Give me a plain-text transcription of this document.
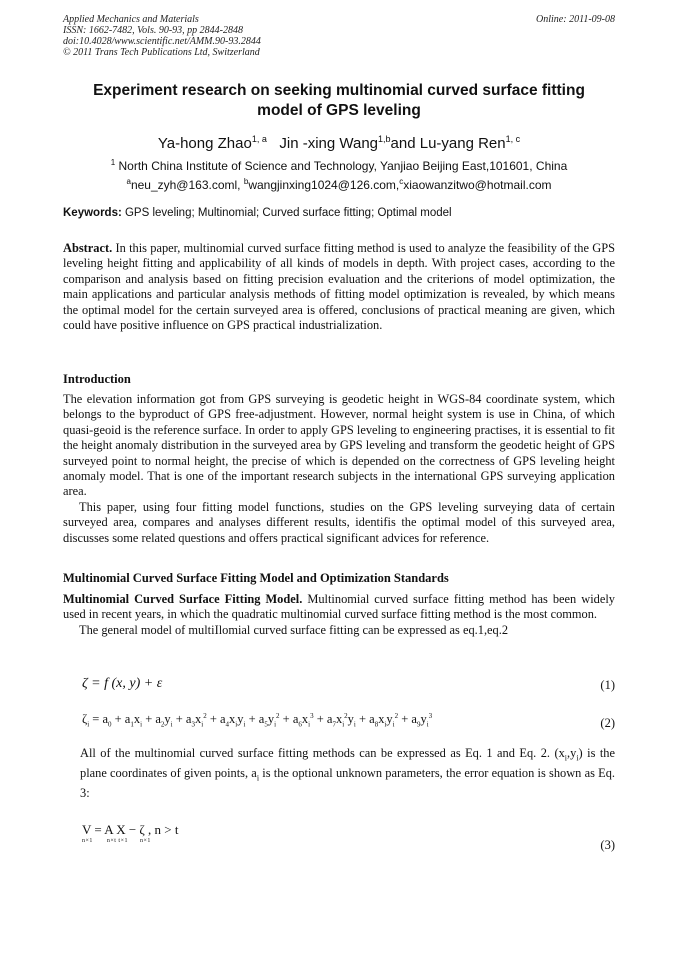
Applied Mechanics and Materials
ISSN: 1662-7482, Vols. 90-93, pp 2844-2848
doi:10.4028/www.scientific.net/AMM.90-93.2844
© 2011 Trans Tech Publications Ltd, Switzerland
Online: 2011-09-08
Experiment research on seeking multinomial curved surface fitting
model of GPS leveling
Ya-hong Zhao$^{1, a}$ Jin -xing Wang$^{1,b}$and Lu-yang Ren$^{1, c}$
$^1$ North China Institute of Science and Technology, Yanjiao Beijing East,101601, China
$^a$neu_zyh@163.coml, $^b$wangjinxing1024@126.com,$^c$xiaowanzitwo@hotmail.com
Keywords: GPS leveling; Multinomial; Curved surface fitting; Optimal model
Abstract. In this paper, multinomial curved surface fitting method is used to analyze the feasibility of the GPS leveling height fitting and applicability of all kinds of models in depth. With project cases, according to the comparison and analysis based on fitting precision evaluation and the criterions of model optimization, the main applications and particular analysis methods of fitting model optimization is revealed, by which means the optimal model for the certain surveyed area is offered, conclusions of practical meaning are given, which could have positive influence on GPS practical industrialization.
Introduction
The elevation information got from GPS surveying is geodetic height in WGS-84 coordinate system, which belongs to the byproduct of GPS free-adjustment. However, normal height system is use in China, of which quasi-geoid is the reference surface. In order to apply GPS leveling to engineering practises, it is essential to fit the height anomaly distribution in the surveyed area by GPS leveling and transform the geodetic height of GPS surveyed point to normal height, the precise of which is depended on the correctness of GPS leveling height anomaly model. That is one of the important research subjects in the international GPS surveying application area.
This paper, using four fitting model functions, studies on the GPS leveling surveying data of certain surveyed area, compares and analyses different results, identifis the optimal model of this surveyed area, discusses some related questions and offers practical significant advices for reference.
Multinomial Curved Surface Fitting Model and Optimization Standards
Multinomial Curved Surface Fitting Model. Multinomial curved surface fitting method has been widely used in recent years, in which the quadratic multinomial curved surface fitting method is the most common.
The general model of multiIlomial curved surface fitting can be expressed as eq.1,eq.2
ζ = f (x, y) + ε	(1)
$\zeta_i = a_0 + a_1x_i + a_2y_i + a_3x_i^2 + a_4x_iy_i + a_5y_i^2 + a_6x_i^3 + a_7x_i^2y_i + a_8x_iy_i^2 + a_9y_i^3$	(2)
All of the multinomial curved surface fitting methods can be expressed as Eq. 1 and Eq. 2. $(x_i,y_i)$ is the plane coordinates of given points, $a_i$ is the optional unknown parameters, the error equation is shown as Eq. 3:
V = A X − ζ , n > t
n×1       n×t t×1      n×1	(3)
